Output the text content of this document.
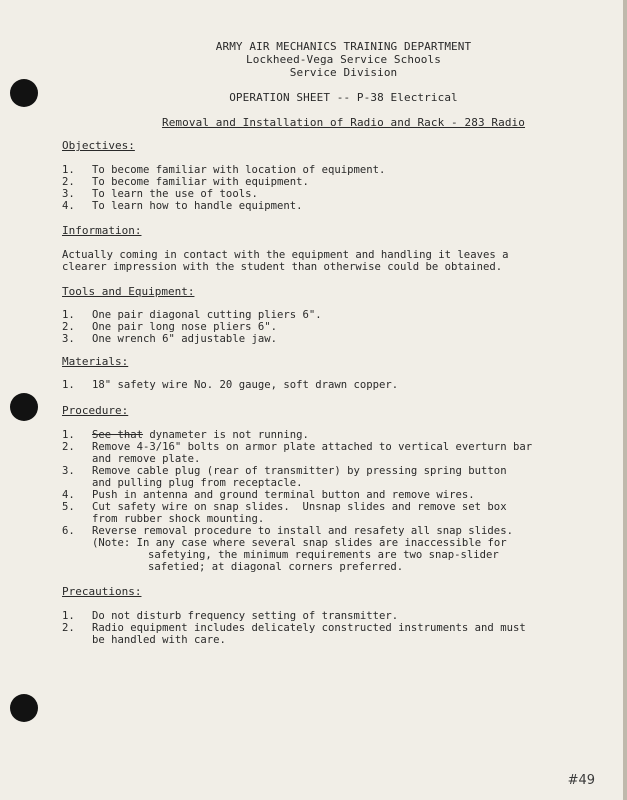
ARMY AIR MECHANICS TRAINING DEPARTMENT
Lockheed-Vega Service Schools
Service Division
OPERATION SHEET -- P-38 Electrical
Removal and Installation of Radio and Rack - 283 Radio
Objectives:
1. To become familiar with location of equipment.
2. To become familiar with equipment.
3. To learn the use of tools.
4. To learn how to handle equipment.
Information:
Actually coming in contact with the equipment and handling it leaves a
clearer impression with the student than otherwise could be obtained.
Tools and Equipment:
1. One pair diagonal cutting pliers 6".
2. One pair long nose pliers 6".
3. One wrench 6" adjustable jaw.
Materials:
1. 18" safety wire No. 20 gauge, soft drawn copper.
Procedure:
1. See that dynameter is not running.
2. Remove 4-3/16" bolts on armor plate attached to vertical everturn bar
and remove plate.
3. Remove cable plug (rear of transmitter) by pressing spring button
and pulling plug from receptacle.
4. Push in antenna and ground terminal button and remove wires.
5. Cut safety wire on snap slides.  Unsnap slides and remove set box
from rubber shock mounting.
6. Reverse removal procedure to install and resafety all snap slides.
(Note: In any case where several snap slides are inaccessible for
safetying, the minimum requirements are two snap-slider
safetied; at diagonal corners preferred.
Precautions:
1. Do not disturb frequency setting of transmitter.
2. Radio equipment includes delicately constructed instruments and must
be handled with care.
#49
